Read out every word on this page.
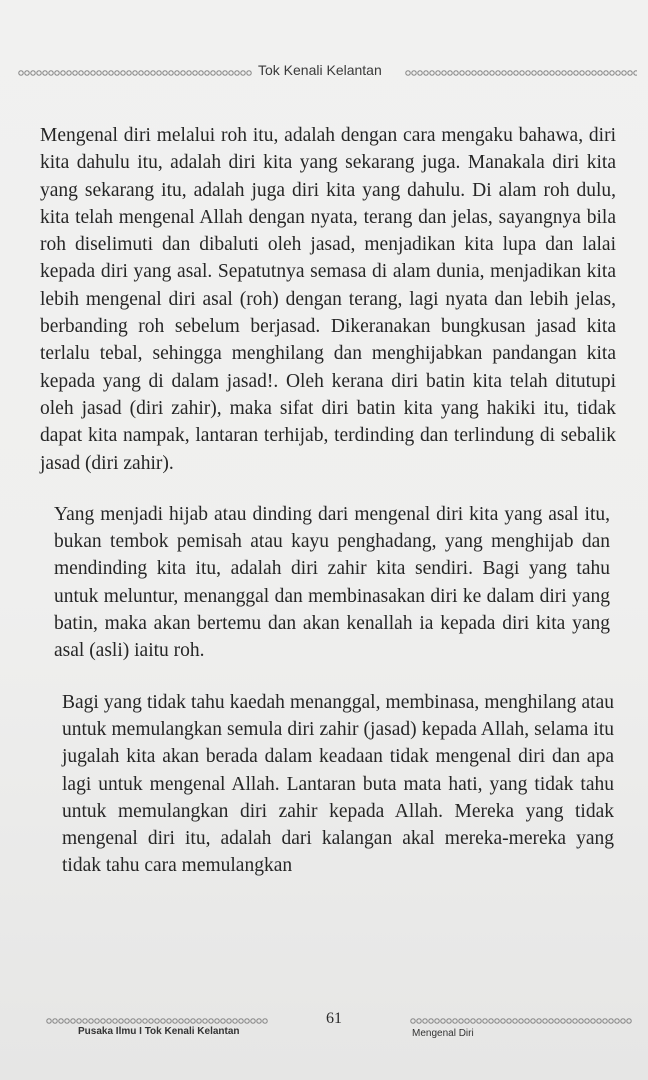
Tok Kenali Kelantan

Mengenal diri melalui roh itu, adalah dengan cara mengaku bahawa, diri kita dahulu itu, adalah diri kita yang sekarang juga. Manakala diri kita yang sekarang itu, adalah juga diri kita yang dahulu. Di alam roh dulu, kita telah mengenal Allah dengan nyata, terang dan jelas, sayangnya bila roh diselimuti dan dibaluti oleh jasad, menjadikan kita lupa dan lalai kepada diri yang asal. Sepatutnya semasa di alam dunia, menjadikan kita lebih mengenal diri asal (roh) dengan terang, lagi nyata dan lebih jelas, berbanding roh sebelum berjasad. Dikeranakan bungkusan jasad kita terlalu tebal, sehingga menghilang dan menghijabkan pandangan kita kepada yang di dalam jasad!. Oleh kerana diri batin kita telah ditutupi oleh jasad (diri zahir), maka sifat diri batin kita yang hakiki itu, tidak dapat kita nampak, lantaran terhijab, terdinding dan terlindung di sebalik jasad (diri zahir).

Yang menjadi hijab atau dinding dari mengenal diri kita yang asal itu, bukan tembok pemisah atau kayu penghadang, yang menghijab dan mendinding kita itu, adalah diri zahir kita sendiri. Bagi yang tahu untuk meluntur, menanggal dan membinasakan diri ke dalam diri yang batin, maka akan bertemu dan akan kenallah ia kepada diri kita yang asal (asli) iaitu roh.

Bagi yang tidak tahu kaedah menanggal, membinasa, menghilang atau untuk memulangkan semula diri zahir (jasad) kepada Allah, selama itu jugalah kita akan berada dalam keadaan tidak mengenal diri dan apa lagi untuk mengenal Allah. Lantaran buta mata hati, yang tidak tahu untuk memulangkan diri zahir kepada Allah. Mereka yang tidak mengenal diri itu, adalah dari kalangan akal mereka-mereka yang tidak tahu cara memulangkan

61
Pusaka Ilmu I Tok Kenali Kelantan	Mengenal Diri
